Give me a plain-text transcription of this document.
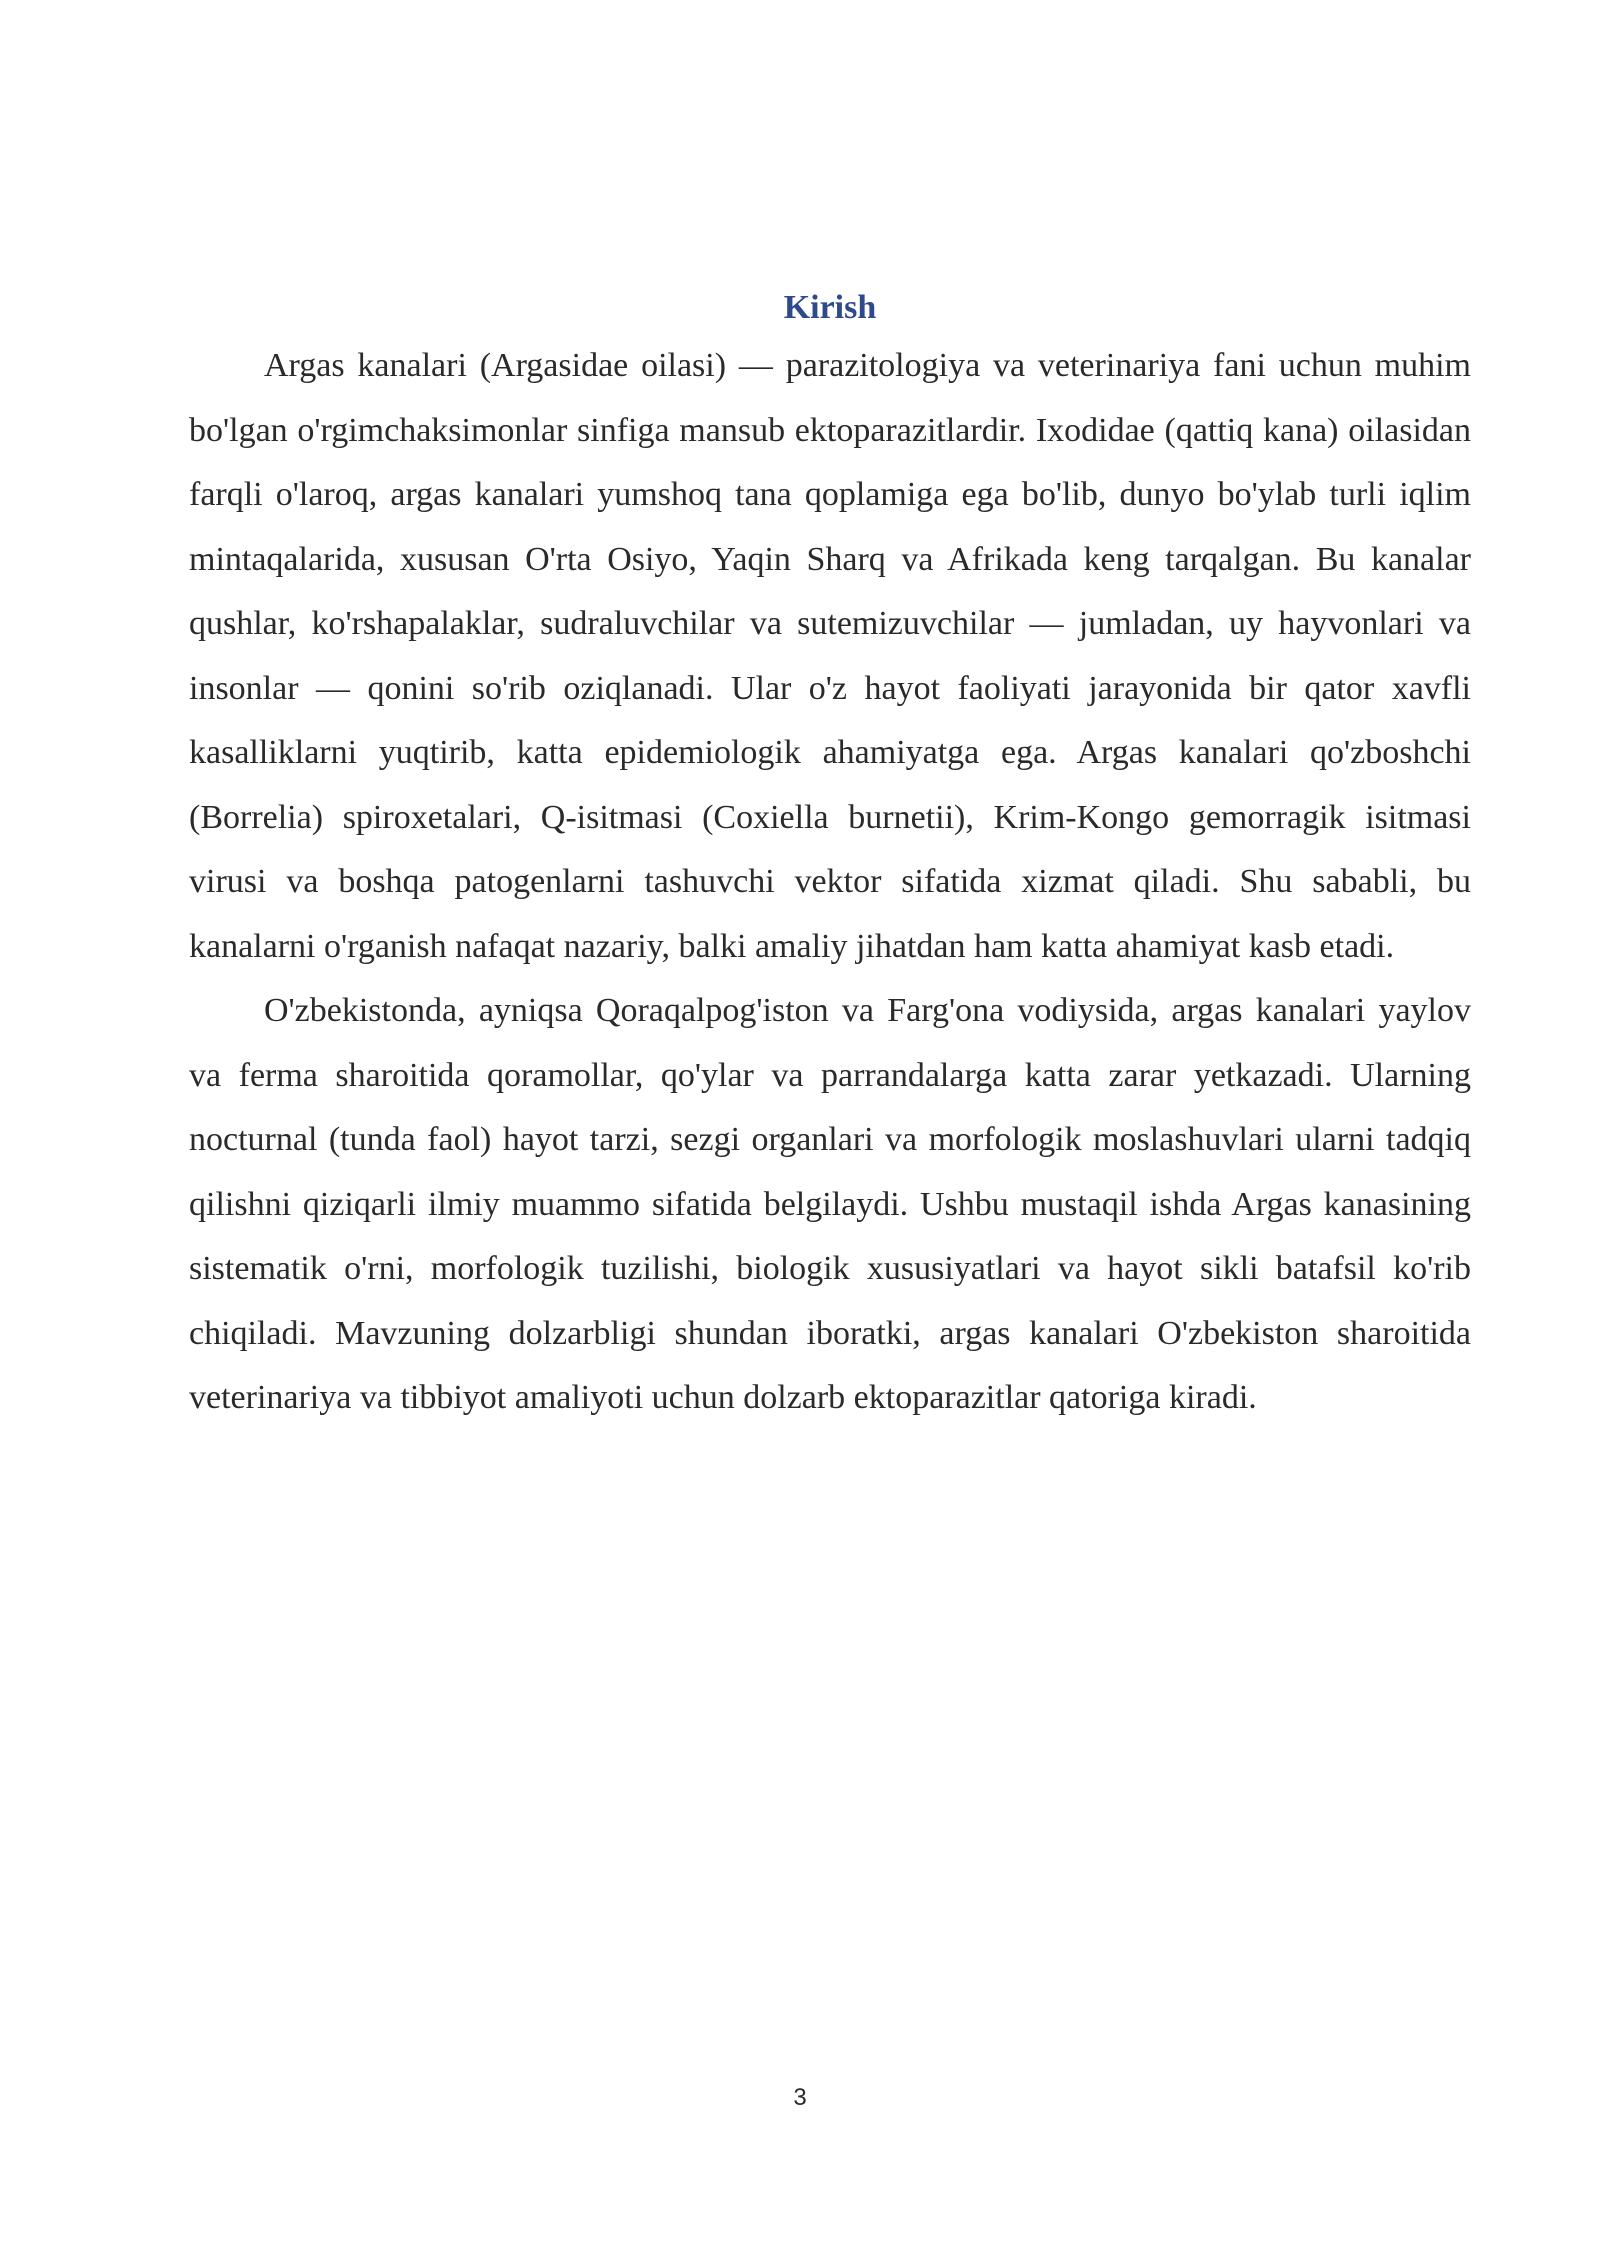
Kirish

Argas kanalari (Argasidae oilasi) — parazitologiya va veterinariya fani uchun muhim bo'lgan o'rgimchaksimonlar sinfiga mansub ektoparazitlardir. Ixodidae (qattiq kana) oilasidan farqli o'laroq, argas kanalari yumshoq tana qoplamiga ega bo'lib, dunyo bo'ylab turli iqlim mintaqalarida, xususan O'rta Osiyo, Yaqin Sharq va Afrikada keng tarqalgan. Bu kanalar qushlar, ko'rshapalaklar, sudraluvchilar va sutemizuvchilar — jumladan, uy hayvonlari va insonlar — qonini so'rib oziqlanadi. Ular o'z hayot faoliyati jarayonida bir qator xavfli kasalliklarni yuqtirib, katta epidemiologik ahamiyatga ega. Argas kanalari qo'zboshchi (Borrelia) spiroxetalari, Q-isitmasi (Coxiella burnetii), Krim-Kongo gemorragik isitmasi virusi va boshqa patogenlarni tashuvchi vektor sifatida xizmat qiladi. Shu sababli, bu kanalarni o'rganish nafaqat nazariy, balki amaliy jihatdan ham katta ahamiyat kasb etadi.

O'zbekistonda, ayniqsa Qoraqalpog'iston va Farg'ona vodiysida, argas kanalari yaylov va ferma sharoitida qoramollar, qo'ylar va parrandalarga katta zarar yetkazadi. Ularning nocturnal (tunda faol) hayot tarzi, sezgi organlari va morfologik moslashuvlari ularni tadqiq qilishni qiziqarli ilmiy muammo sifatida belgilaydi. Ushbu mustaqil ishda Argas kanasining sistematik o'rni, morfologik tuzilishi, biologik xususiyatlari va hayot sikli batafsil ko'rib chiqiladi. Mavzuning dolzarbligi shundan iboratki, argas kanalari O'zbekiston sharoitida veterinariya va tibbiyot amaliyoti uchun dolzarb ektoparazitlar qatoriga kiradi.

3
